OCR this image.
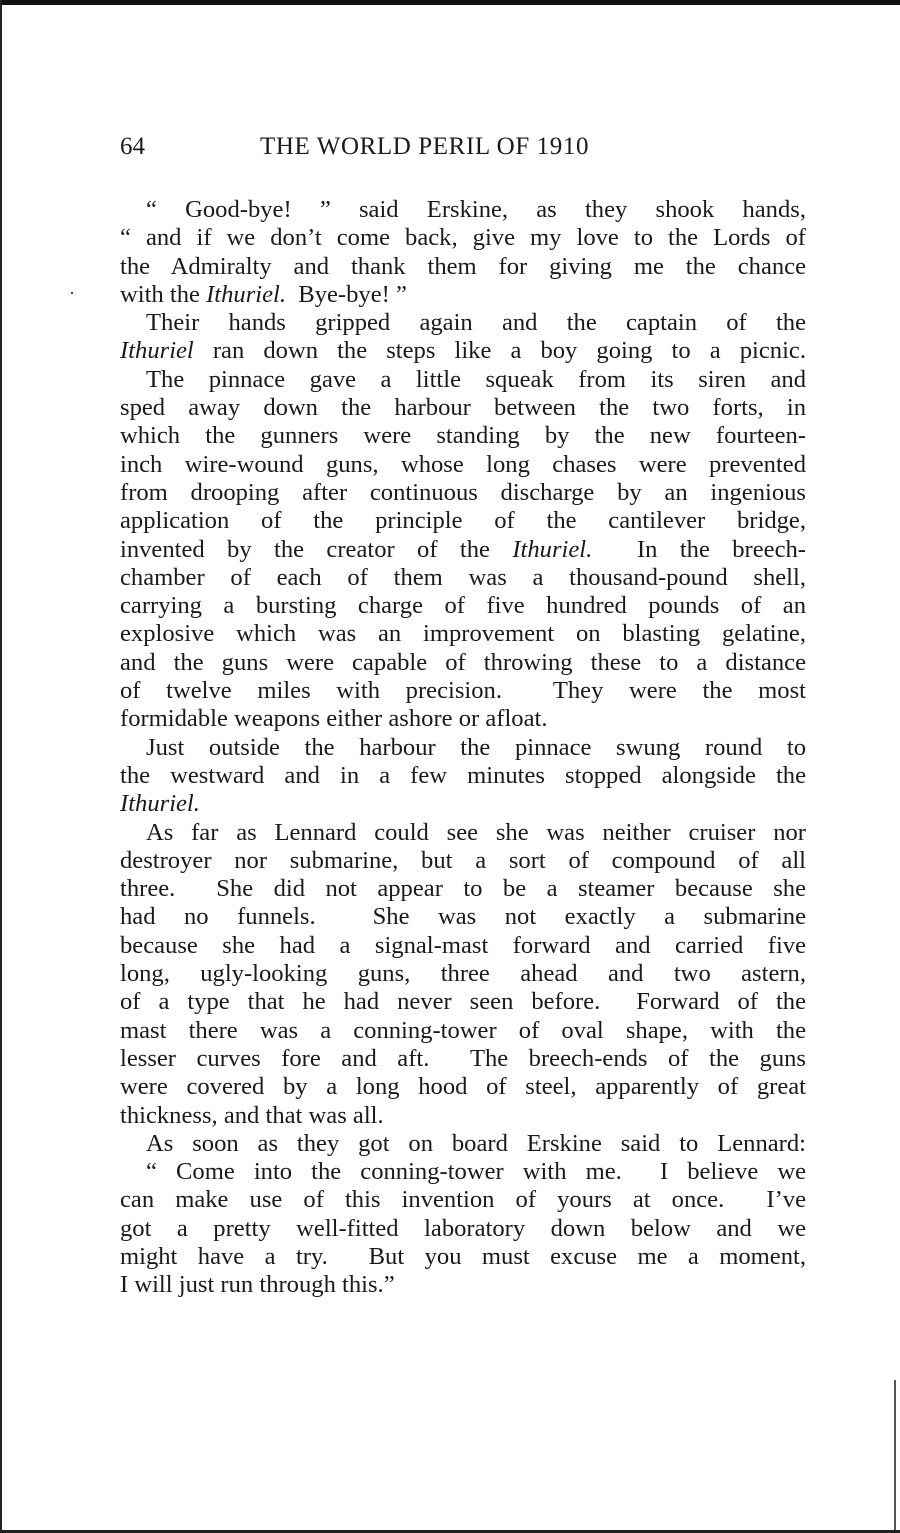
64	THE WORLD PERIL OF 1910
“ Good-bye! ” said Erskine, as they shook hands,
“ and if we don’t come back, give my love to the Lords of
the Admiralty and thank them for giving me the chance
with the Ithuriel.  Bye-bye! ”
Their hands gripped again and the captain of the
Ithuriel ran down the steps like a boy going to a picnic.
The pinnace gave a little squeak from its siren and
sped away down the harbour between the two forts, in
which the gunners were standing by the new fourteen-
inch wire-wound guns, whose long chases were prevented
from drooping after continuous discharge by an ingenious
application of the principle of the cantilever bridge,
invented by the creator of the Ithuriel.  In the breech-
chamber of each of them was a thousand-pound shell,
carrying a bursting charge of five hundred pounds of an
explosive which was an improvement on blasting gelatine,
and the guns were capable of throwing these to a distance
of twelve miles with precision.  They were the most
formidable weapons either ashore or afloat.
Just outside the harbour the pinnace swung round to
the westward and in a few minutes stopped alongside the
Ithuriel.
As far as Lennard could see she was neither cruiser nor
destroyer nor submarine, but a sort of compound of all
three.  She did not appear to be a steamer because she
had no funnels.  She was not exactly a submarine
because she had a signal-mast forward and carried five
long, ugly-looking guns, three ahead and two astern,
of a type that he had never seen before.  Forward of the
mast there was a conning-tower of oval shape, with the
lesser curves fore and aft.  The breech-ends of the guns
were covered by a long hood of steel, apparently of great
thickness, and that was all.
As soon as they got on board Erskine said to Lennard:
“ Come into the conning-tower with me.  I believe we
can make use of this invention of yours at once.  I’ve
got a pretty well-fitted laboratory down below and we
might have a try.  But you must excuse me a moment,
I will just run through this.”
